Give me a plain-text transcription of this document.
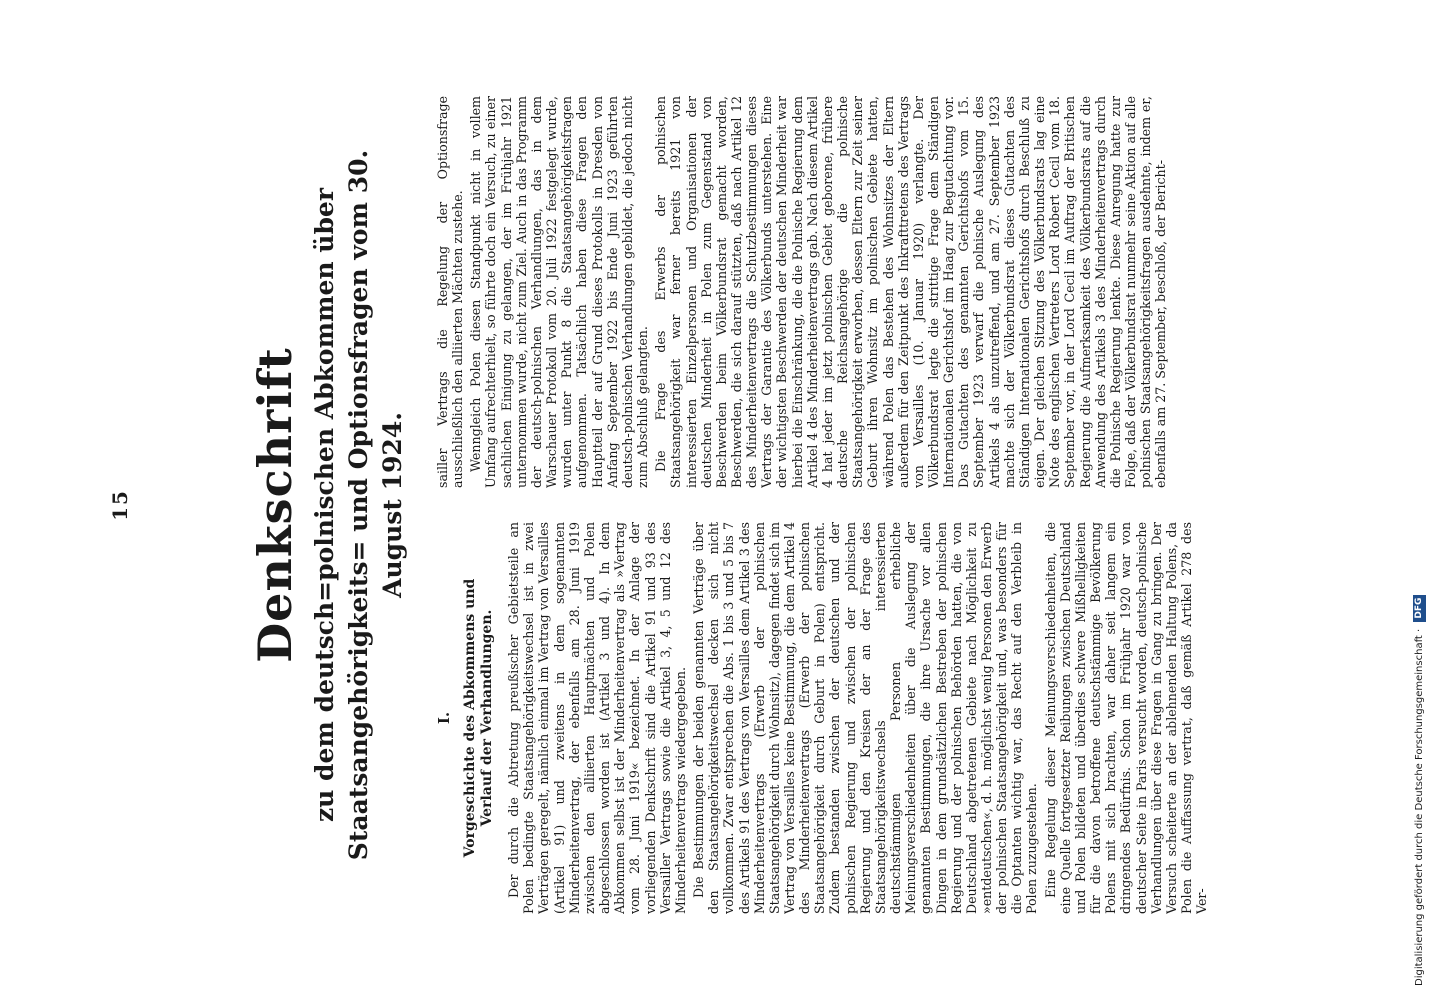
15	Denkschrift zu dem deutsch=polnischen Abkommen über Staatsangehörigkeits= und Optionsfragen vom 30. August 1924.
I. Vorgeschichte des Abkommens und Verlauf der Verhandlungen. Der durch die Abtretung preußischer Gebietsteile an Polen bedingte Staatsangehörigkeitswechsel ist in zwei Verträgen geregelt, nämlich einmal im Vertrag von Versailles (Artikel 91) und zweitens in dem sogenannten Minderheitenvertrag, der ebenfalls am 28. Juni 1919 zwischen den alliierten Hauptmächten und Polen abgeschlossen worden ist (Artikel 3 und 4). In dem Abkommen selbst ist der Minderheitenvertrag als »Vertrag vom 28. Juni 1919« bezeichnet. In der Anlage der vorliegenden Denkschrift sind die Artikel 91 und 93 des Versailler Vertrags sowie die Artikel 3, 4, 5 und 12 des Minderheitenvertrags wiedergegeben. Die Bestimmungen der beiden genannten Verträge über den Staatsangehörigkeitswechsel decken sich nicht vollkommen. Zwar entsprechen die Abs. 1 bis 3 und 5 bis 7 des Artikels 91 des Vertrags von Versailles dem Artikel 3 des Minderheitenvertrags (Erwerb der polnischen Staatsangehörigkeit durch Wohnsitz), dagegen findet sich im Vertrag von Versailles keine Bestimmung, die dem Artikel 4 des Minderheitenvertrags (Erwerb der polnischen Staatsangehörigkeit durch Geburt in Polen) entspricht. Zudem bestanden zwischen der deutschen und der polnischen Regierung und zwischen der polnischen Regierung und den Kreisen der an der Frage des Staatsangehörigkeitswechsels interessierten deutschstämmigen Personen erhebliche Meinungsverschiedenheiten über die Auslegung der genannten Bestimmungen, die ihre Ursache vor allen Dingen in dem grundsätzlichen Bestreben der polnischen Regierung und der polnischen Behörden hatten, die von Deutschland abgetretenen Gebiete nach Möglichkeit zu »entdeutschen«, d. h. möglichst wenig Personen den Erwerb der polnischen Staatsangehörigkeit und, was besonders für die Optanten wichtig war, das Recht auf den Verbleib in Polen zuzugestehen. Eine Regelung dieser Meinungsverschiedenheiten, die eine Quelle fortgesetzter Reibungen zwischen Deutschland und Polen bildeten und überdies schwere Mißhelligkeiten für die davon betroffene deutschstämmige Bevölkerung Polens mit sich brachten, war daher seit langem ein dringendes Bedürfnis. Schon im Frühjahr 1920 war von deutscher Seite in Paris versucht worden, deutsch-polnische Verhandlungen über diese Fragen in Gang zu bringen. Der Versuch scheiterte an der ablehnenden Haltung Polens, da Polen die Auffassung vertrat, daß gemäß Artikel 278 des Ver-

sailler Vertrags die Regelung der Optionsfrage ausschließlich den alliierten Mächten zustehe. Wenngleich Polen diesen Standpunkt nicht in vollem Umfang aufrechterhielt, so führte doch ein Versuch, zu einer sachlichen Einigung zu gelangen, der im Frühjahr 1921 unternommen wurde, nicht zum Ziel. Auch in das Programm der deutsch-polnischen Verhandlungen, das in dem Warschauer Protokoll vom 20. Juli 1922 festgelegt wurde, wurden unter Punkt 8 die Staatsangehörigkeitsfragen aufgenommen. Tatsächlich haben diese Fragen den Hauptteil der auf Grund dieses Protokolls in Dresden von Anfang September 1922 bis Ende Juni 1923 geführten deutsch-polnischen Verhandlungen gebildet, die jedoch nicht zum Abschluß gelangten. Die Frage des Erwerbs der polnischen Staatsangehörigkeit war ferner bereits 1921 von interessierten Einzelpersonen und Organisationen der deutschen Minderheit in Polen zum Gegenstand von Beschwerden beim Völkerbundsrat gemacht worden, Beschwerden, die sich darauf stützten, daß nach Artikel 12 des Minderheitenvertrags die Schutzbestimmungen dieses Vertrags der Garantie des Völkerbunds unterstehen. Eine der wichtigsten Beschwerden der deutschen Minderheit war hierbei die Einschränkung, die die Polnische Regierung dem Artikel 4 des Minderheitenvertrags gab. Nach diesem Artikel 4 hat jeder im jetzt polnischen Gebiet geborene, frühere deutsche Reichsangehörige die polnische Staatsangehörigkeit erworben, dessen Eltern zur Zeit seiner Geburt ihren Wohnsitz im polnischen Gebiete hatten, während Polen das Bestehen des Wohnsitzes der Eltern außerdem für den Zeitpunkt des Inkrafttretens des Vertrags von Versailles (10. Januar 1920) verlangte. Der Völkerbundsrat legte die strittige Frage dem Ständigen Internationalen Gerichtshof im Haag zur Begutachtung vor. Das Gutachten des genannten Gerichtshofs vom 15. September 1923 verwarf die polnische Auslegung des Artikels 4 als unzutreffend, und am 27. September 1923 machte sich der Völkerbundsrat dieses Gutachten des Ständigen Internationalen Gerichtshofs durch Beschluß zu eigen. Der gleichen Sitzung des Völkerbundsrats lag eine Note des englischen Vertreters Lord Robert Cecil vom 18. September vor, in der Lord Cecil im Auftrag der Britischen Regierung die Aufmerksamkeit des Völkerbundsrats auf die Anwendung des Artikels 3 des Minderheitenvertrags durch die Polnische Regierung lenkte. Diese Anregung hatte zur Folge, daß der Völkerbundsrat nunmehr seine Aktion auf alle polnischen Staatsangehörigkeitsfragen ausdehnte, indem er, ebenfalls am 27. September, beschloß, der Bericht-

Digitalisierung gefördert durch die Deutsche Forschungsgemeinschaft · DFG
